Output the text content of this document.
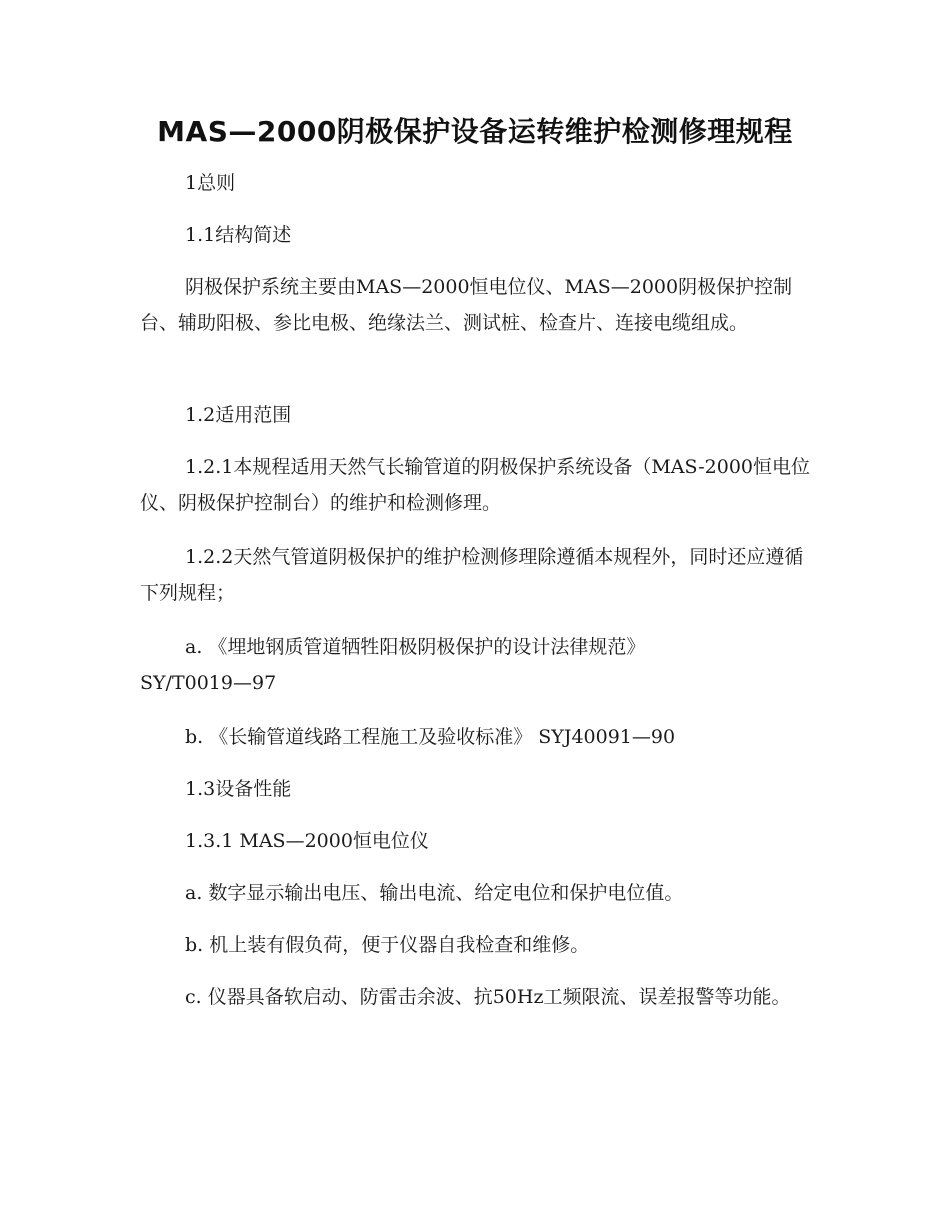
MAS—2000阴极保护设备运转维护检测修理规程
1总则
1.1结构简述
阴极保护系统主要由MAS—2000恒电位仪、MAS—2000阴极保护控制台、辅助阳极、参比电极、绝缘法兰、测试桩、检查片、连接电缆组成。
1.2适用范围
1.2.1本规程适用天然气长输管道的阴极保护系统设备（MAS-2000恒电位仪、阴极保护控制台）的维护和检测修理。
1.2.2天然气管道阴极保护的维护检测修理除遵循本规程外，同时还应遵循下列规程；
a. 《埋地钢质管道牺牲阳极阴极保护的设计法律规范》
SY/T0019—97
b. 《长输管道线路工程施工及验收标准》 SYJ40091—90
1.3设备性能
1.3.1 MAS—2000恒电位仪
a. 数字显示输出电压、输出电流、给定电位和保护电位值。
b. 机上装有假负荷，便于仪器自我检查和维修。
c. 仪器具备软启动、防雷击余波、抗50Hz工频限流、误差报警等功能。
